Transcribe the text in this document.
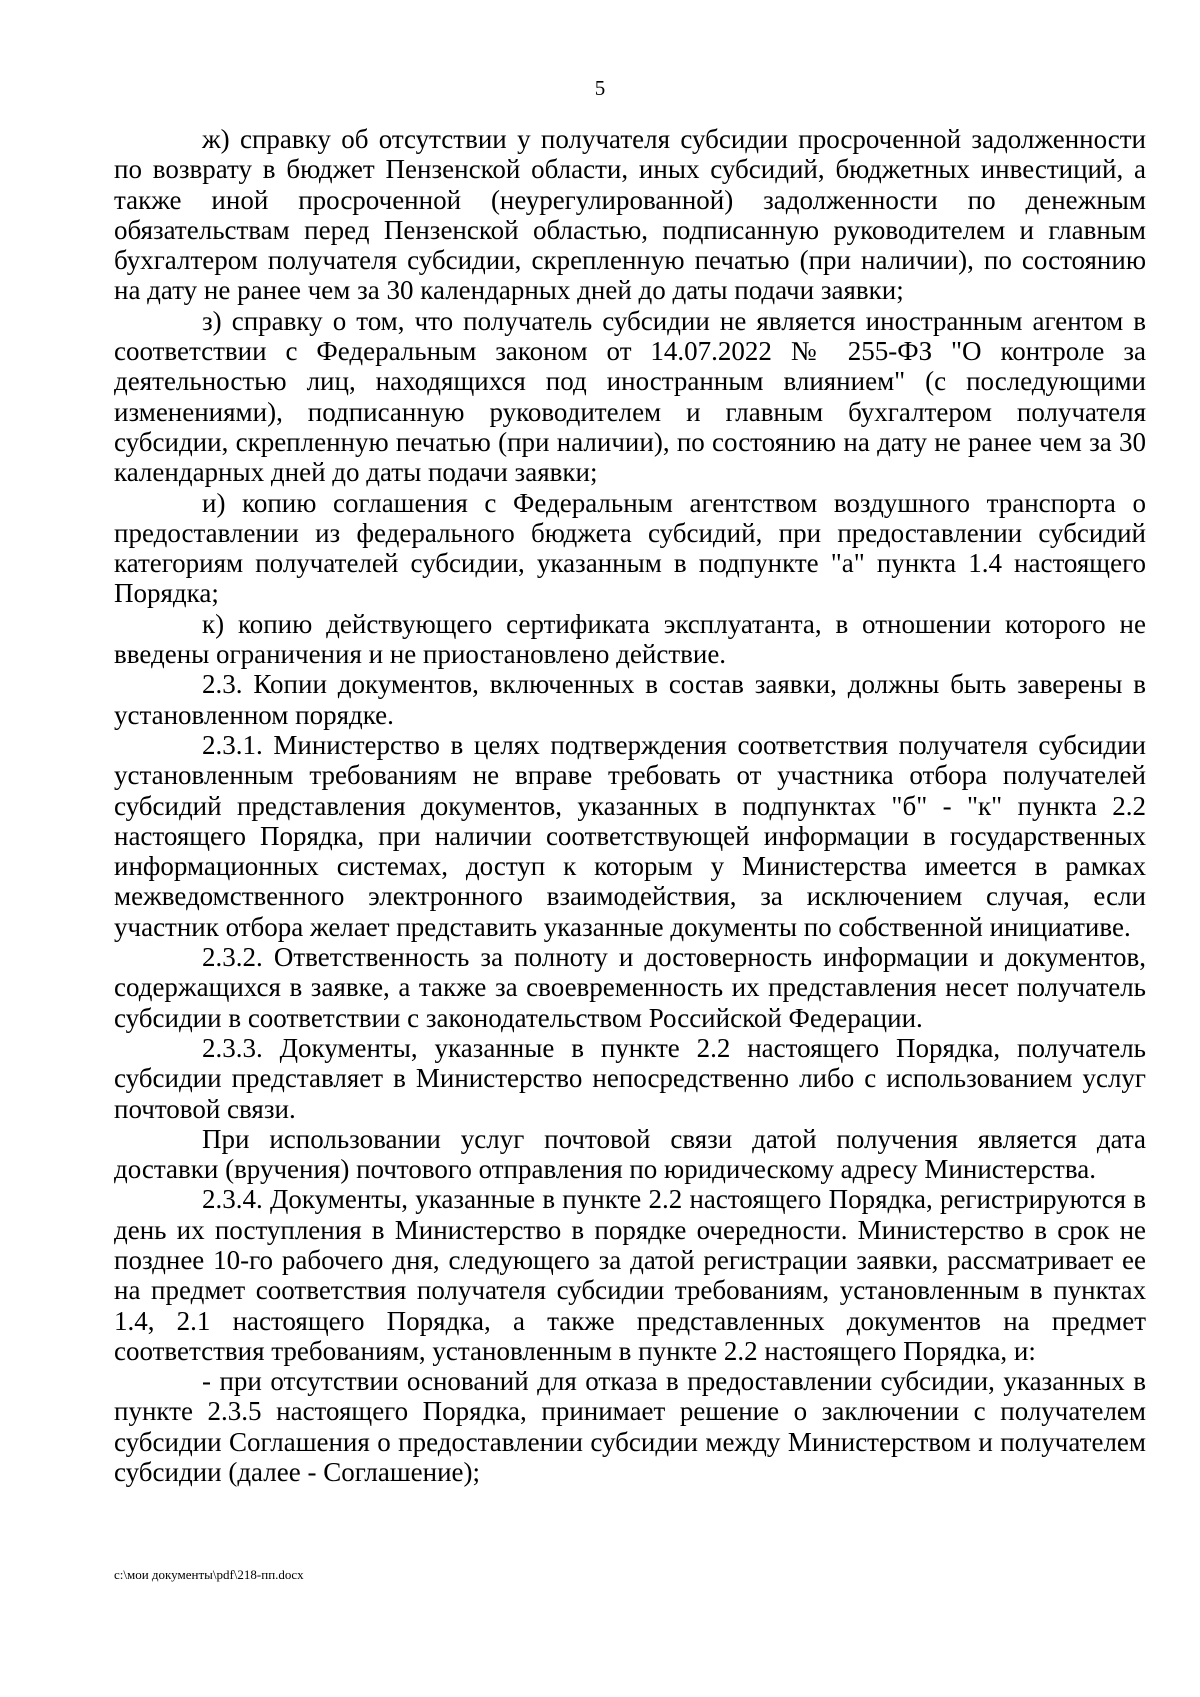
5

ж) справку об отсутствии у получателя субсидии просроченной задолженности по возврату в бюджет Пензенской области, иных субсидий, бюджетных инвестиций, а также иной просроченной (неурегулированной) задолженности по денежным обязательствам перед Пензенской областью, подписанную руководителем и главным бухгалтером получателя субсидии, скрепленную печатью (при наличии), по состоянию на дату не ранее чем за 30 календарных дней до даты подачи заявки;

з) справку о том, что получатель субсидии не является иностранным агентом в соответствии с Федеральным законом от 14.07.2022 № 255-ФЗ "О контроле за деятельностью лиц, находящихся под иностранным влиянием" (с последующими изменениями), подписанную руководителем и главным бухгалтером получателя субсидии, скрепленную печатью (при наличии), по состоянию на дату не ранее чем за 30 календарных дней до даты подачи заявки;

и) копию соглашения с Федеральным агентством воздушного транспорта о предоставлении из федерального бюджета субсидий, при предоставлении субсидий категориям получателей субсидии, указанным в подпункте "а" пункта 1.4 настоящего Порядка;

к) копию действующего сертификата эксплуатанта, в отношении которого не введены ограничения и не приостановлено действие.

2.3. Копии документов, включенных в состав заявки, должны быть заверены в установленном порядке.

2.3.1. Министерство в целях подтверждения соответствия получателя субсидии установленным требованиям не вправе требовать от участника отбора получателей субсидий представления документов, указанных в подпунктах "б" - "к" пункта 2.2 настоящего Порядка, при наличии соответствующей информации в государственных информационных системах, доступ к которым у Министерства имеется в рамках межведомственного электронного взаимодействия, за исключением случая, если участник отбора желает представить указанные документы по собственной инициативе.

2.3.2. Ответственность за полноту и достоверность информации и документов, содержащихся в заявке, а также за своевременность их представления несет получатель субсидии в соответствии с законодательством Российской Федерации.

2.3.3. Документы, указанные в пункте 2.2 настоящего Порядка, получатель субсидии представляет в Министерство непосредственно либо с использованием услуг почтовой связи.

При использовании услуг почтовой связи датой получения является дата доставки (вручения) почтового отправления по юридическому адресу Министерства.

2.3.4. Документы, указанные в пункте 2.2 настоящего Порядка, регистрируются в день их поступления в Министерство в порядке очередности. Министерство в срок не позднее 10-го рабочего дня, следующего за датой регистрации заявки, рассматривает ее на предмет соответствия получателя субсидии требованиям, установленным в пунктах 1.4, 2.1 настоящего Порядка, а также представленных документов на предмет соответствия требованиям, установленным в пункте 2.2 настоящего Порядка, и:

- при отсутствии оснований для отказа в предоставлении субсидии, указанных в пункте 2.3.5 настоящего Порядка, принимает решение о заключении с получателем субсидии Соглашения о предоставлении субсидии между Министерством и получателем субсидии (далее - Соглашение);

c:\мои документы\pdf\218-пп.docx
